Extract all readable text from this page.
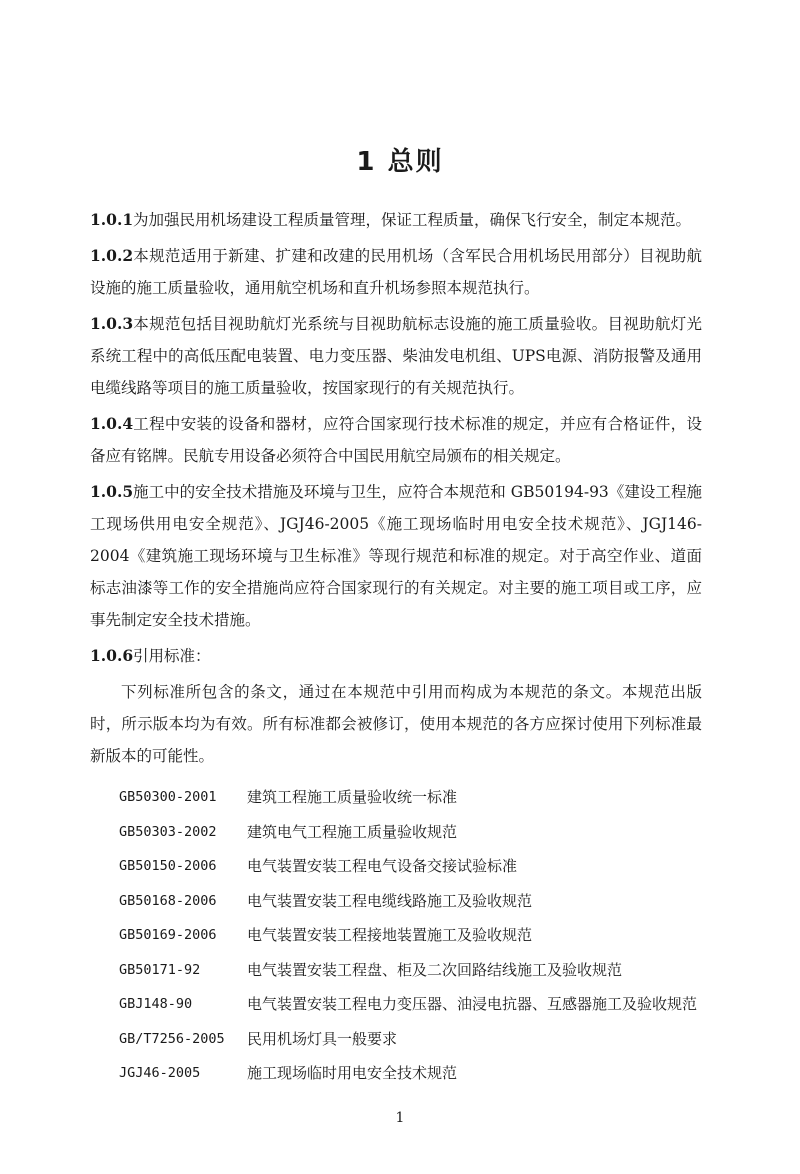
1 总则

1.0.1为加强民用机场建设工程质量管理，保证工程质量，确保飞行安全，制定本规范。

1.0.2本规范适用于新建、扩建和改建的民用机场（含军民合用机场民用部分）目视助航设施的施工质量验收，通用航空机场和直升机场参照本规范执行。

1.0.3本规范包括目视助航灯光系统与目视助航标志设施的施工质量验收。目视助航灯光系统工程中的高低压配电装置、电力变压器、柴油发电机组、UPS电源、消防报警及通用电缆线路等项目的施工质量验收，按国家现行的有关规范执行。

1.0.4工程中安装的设备和器材，应符合国家现行技术标准的规定，并应有合格证件，设备应有铭牌。民航专用设备必须符合中国民用航空局颁布的相关规定。

1.0.5施工中的安全技术措施及环境与卫生，应符合本规范和 GB50194-93《建设工程施工现场供用电安全规范》、JGJ46-2005《施工现场临时用电安全技术规范》、JGJ146-2004《建筑施工现场环境与卫生标准》等现行规范和标准的规定。对于高空作业、道面标志油漆等工作的安全措施尚应符合国家现行的有关规定。对主要的施工项目或工序，应事先制定安全技术措施。

1.0.6引用标准：

下列标准所包含的条文，通过在本规范中引用而构成为本规范的条文。本规范出版时，所示版本均为有效。所有标准都会被修订，使用本规范的各方应探讨使用下列标准最新版本的可能性。

GB50300-2001	建筑工程施工质量验收统一标准
GB50303-2002	建筑电气工程施工质量验收规范
GB50150-2006	电气装置安装工程电气设备交接试验标准
GB50168-2006	电气装置安装工程电缆线路施工及验收规范
GB50169-2006	电气装置安装工程接地装置施工及验收规范
GB50171-92	电气装置安装工程盘、柜及二次回路结线施工及验收规范
GBJ148-90	电气装置安装工程电力变压器、油浸电抗器、互感器施工及验收规范
GB/T7256-2005	民用机场灯具一般要求
JGJ46-2005	施工现场临时用电安全技术规范
1
